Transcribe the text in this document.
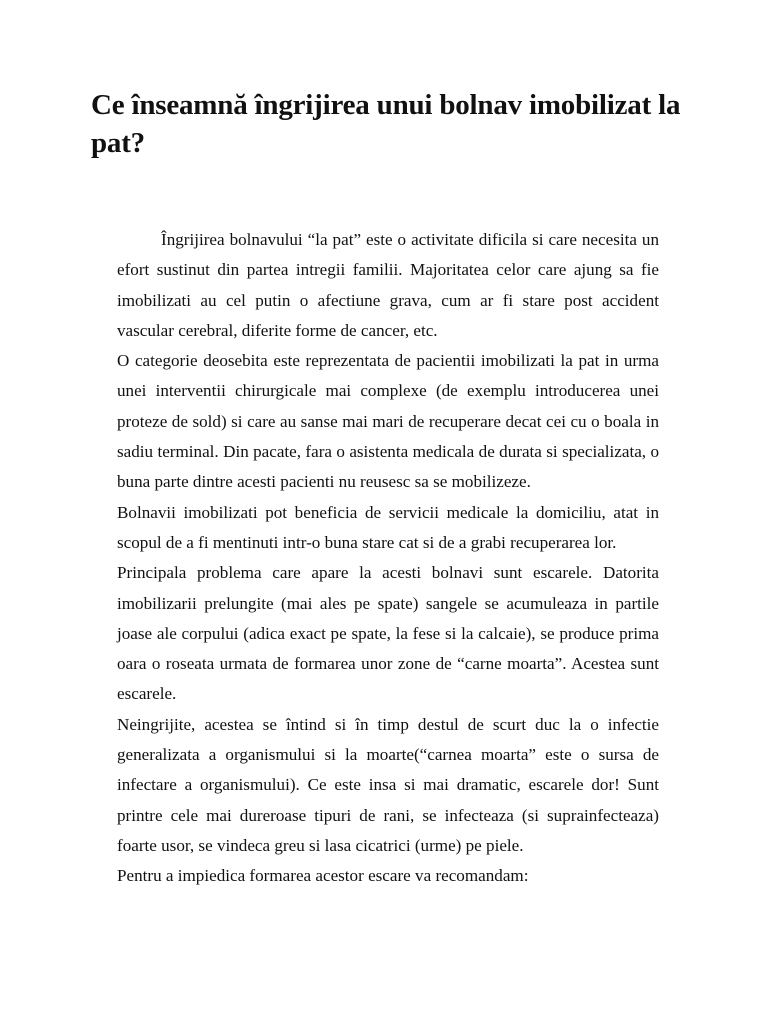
Ce înseamnă îngrijirea unui bolnav imobilizat la pat?

Îngrijirea bolnavului “la pat” este o activitate dificila si care necesita un efort sustinut din partea intregii familii. Majoritatea celor care ajung sa fie imobilizati au cel putin o afectiune grava, cum ar fi stare post accident vascular cerebral, diferite forme de cancer, etc.

O categorie deosebita este reprezentata de pacientii imobilizati la pat in urma unei interventii chirurgicale mai complexe (de exemplu introducerea unei proteze de sold) si care au sanse mai mari de recuperare decat cei cu o boala in sadiu terminal. Din pacate, fara o asistenta medicala de durata si specializata, o buna parte dintre acesti pacienti nu reusesc sa se mobilizeze.

Bolnavii imobilizati pot beneficia de servicii medicale la domiciliu, atat in scopul de a fi mentinuti intr-o buna stare cat si de a grabi recuperarea lor.

Principala problema care apare la acesti bolnavi sunt escarele. Datorita imobilizarii prelungite (mai ales pe spate) sangele se acumuleaza in partile joase ale corpului (adica exact pe spate, la fese si la calcaie), se produce prima oara o roseata urmata de formarea unor zone de “carne moarta”. Acestea sunt escarele.

Neingrijite, acestea se întind si în timp destul de scurt duc la o infectie generalizata a organismului si la moarte(“carnea moarta” este o sursa de infectare a organismului). Ce este insa si mai dramatic, escarele dor! Sunt printre cele mai dureroase tipuri de rani, se infecteaza (si suprainfecteaza) foarte usor, se vindeca greu si lasa cicatrici (urme) pe piele.

Pentru a impiedica formarea acestor escare va recomandam:
